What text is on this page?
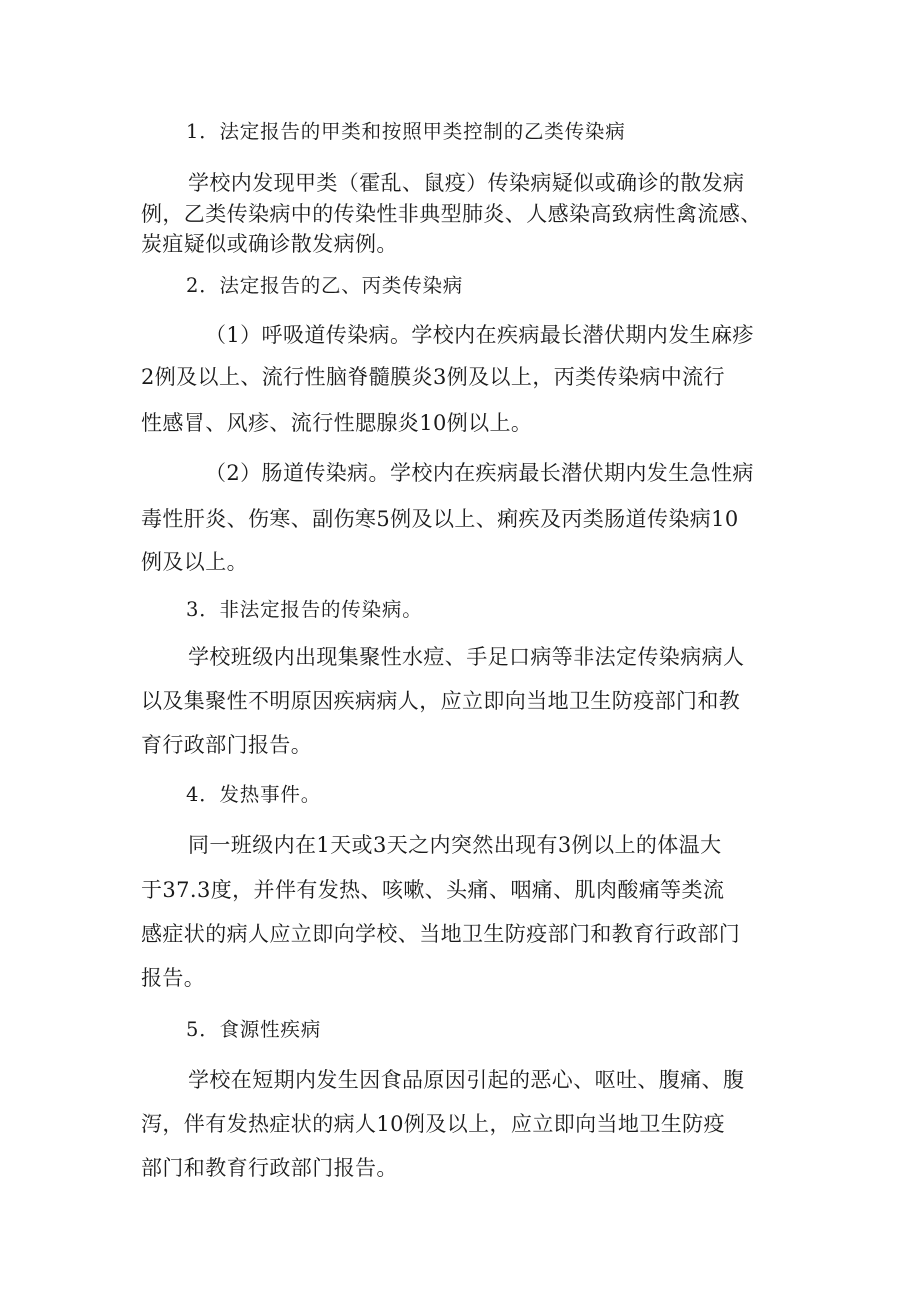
1．法定报告的甲类和按照甲类控制的乙类传染病
学校内发现甲类（霍乱、鼠疫）传染病疑似或确诊的散发病
例，乙类传染病中的传染性非典型肺炎、人感染高致病性禽流感、
炭疽疑似或确诊散发病例。
2．法定报告的乙、丙类传染病
（1）呼吸道传染病。学校内在疾病最长潜伏期内发生麻疹
2例及以上、流行性脑脊髓膜炎3例及以上，丙类传染病中流行
性感冒、风疹、流行性腮腺炎10例以上。
（2）肠道传染病。学校内在疾病最长潜伏期内发生急性病
毒性肝炎、伤寒、副伤寒5例及以上、痢疾及丙类肠道传染病10
例及以上。
3．非法定报告的传染病。
学校班级内出现集聚性水痘、手足口病等非法定传染病病人
以及集聚性不明原因疾病病人，应立即向当地卫生防疫部门和教
育行政部门报告。
4．发热事件。
同一班级内在1天或3天之内突然出现有3例以上的体温大
于37.3度，并伴有发热、咳嗽、头痛、咽痛、肌肉酸痛等类流
感症状的病人应立即向学校、当地卫生防疫部门和教育行政部门
报告。
5．食源性疾病
学校在短期内发生因食品原因引起的恶心、呕吐、腹痛、腹
泻，伴有发热症状的病人10例及以上，应立即向当地卫生防疫
部门和教育行政部门报告。
